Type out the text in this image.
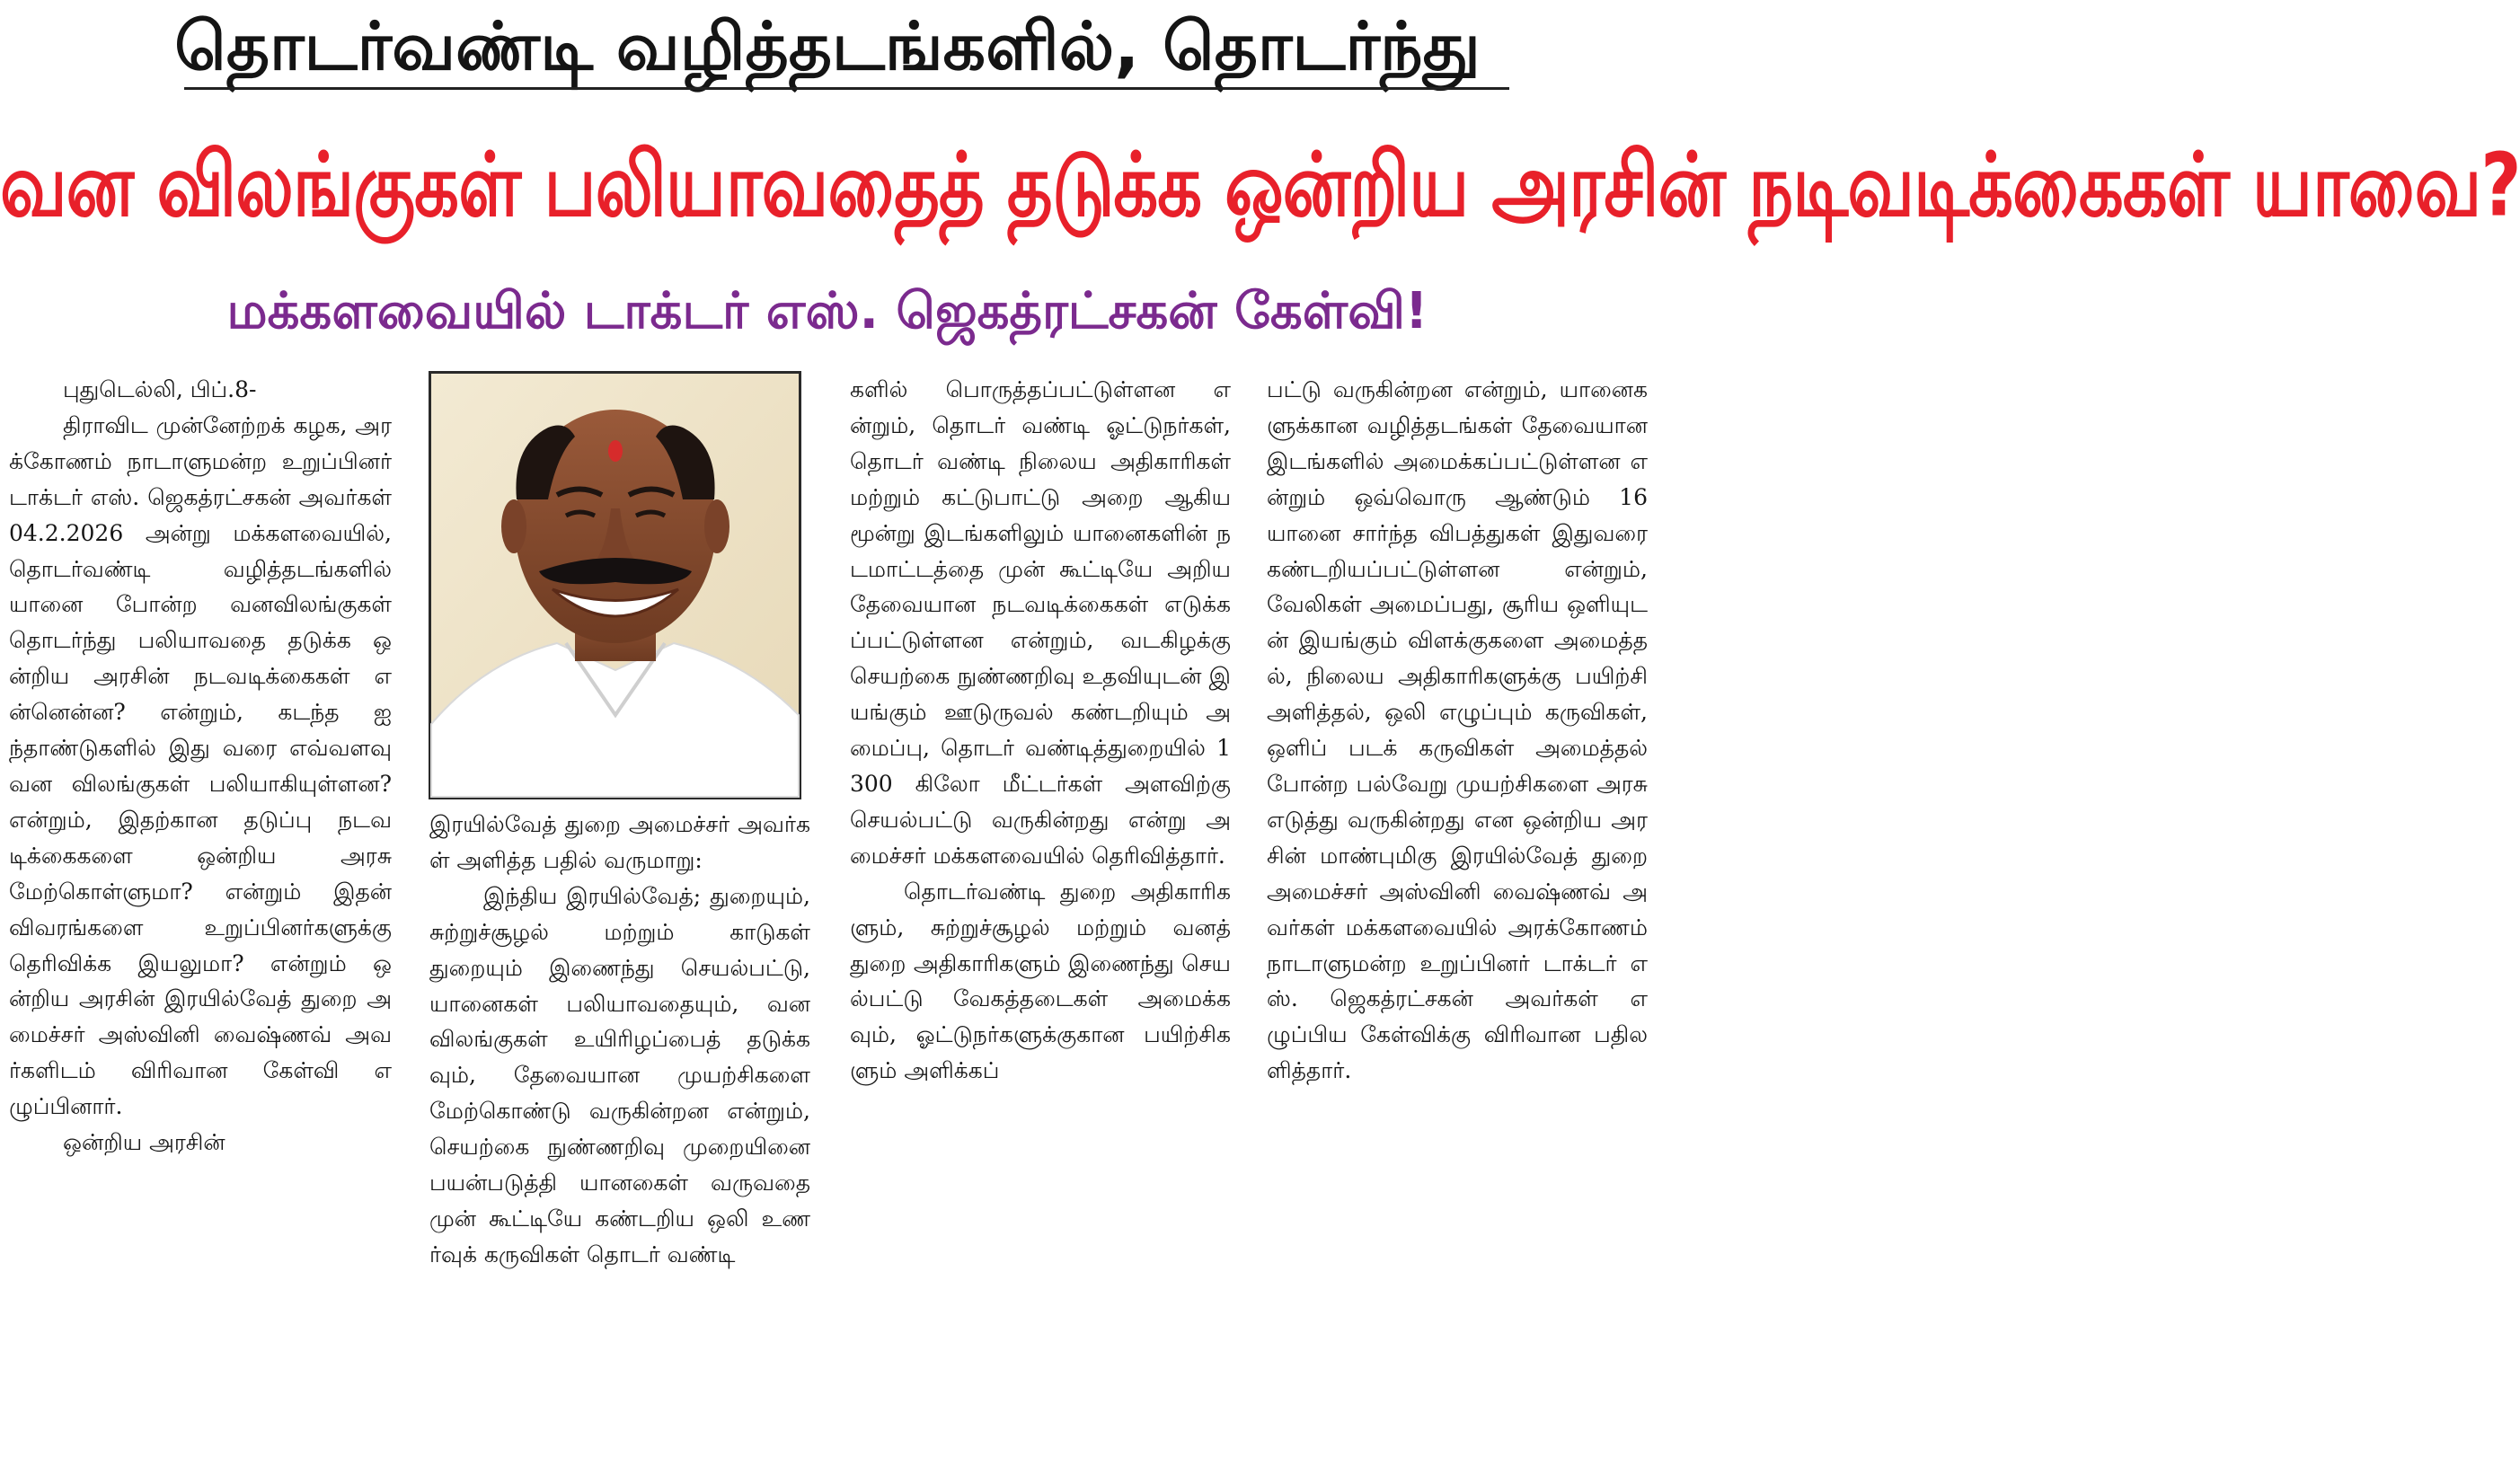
தொடர்வண்டி வழித்தடங்களில், தொடர்ந்து
வன விலங்குகள் பலியாவதைத் தடுக்க ஒன்றிய அரசின் நடிவடிக்கைகள் யாவை?
மக்களவையில் டாக்டர் எஸ். ஜெகத்ரட்சகன் கேள்வி!

புதுடெல்லி, பிப்.8-

திராவிட முன்னேற்றக் கழக, அரக்கோணம் நாடாளுமன்ற உறுப்பினர் டாக்டர் எஸ். ஜெகத்ரட்சகன் அவர்கள் 04.2.2026 அன்று மக்களவையில், தொடர்வண்டி வழித்தடங்களில் யானை போன்ற வனவிலங்குகள் தொடர்ந்து பலியாவதை தடுக்க ஒன்றிய அரசின் நடவடிக்கைகள் என்னென்ன? என்றும், கடந்த ஐந்தாண்டுகளில் இது வரை எவ்வளவு வன விலங்குகள் பலியாகியுள்ளன? என்றும், இதற்கான தடுப்பு நடவடிக்கைகளை ஒன்றிய அரசு மேற்கொள்ளுமா? என்றும் இதன் விவரங்களை உறுப்பினர்களுக்கு தெரிவிக்க இயலுமா? என்றும் ஒன்றிய அரசின் இரயில்வேத் துறை அமைச்சர் அஸ்வினி வைஷ்ணவ் அவர்களிடம் விரிவான கேள்வி எழுப்பினார்.

ஒன்றிய அரசின்

இரயில்வேத் துறை அமைச்சர் அவர்கள் அளித்த பதில் வருமாறு:

இந்திய இரயில்வேத்; துறையும், சுற்றுச்சூழல் மற்றும் காடுகள் துறையும் இணைந்து செயல்பட்டு, யானைகள் பலியாவதையும், வன விலங்குகள் உயிரிழப்பைத் தடுக்கவும், தேவையான முயற்சிகளை மேற்கொண்டு வருகின்றன என்றும், செயற்கை நுண்ணறிவு முறையினை பயன்படுத்தி யானகைள் வருவதை முன் கூட்டியே கண்டறிய ஒலி உணர்வுக் கருவிகள் தொடர் வண்டி

களில் பொருத்தப்பட்டுள்ளன என்றும், தொடர் வண்டி ஓட்டுநர்கள், தொடர் வண்டி நிலைய அதிகாரிகள் மற்றும் கட்டுபாட்டு அறை ஆகிய மூன்று இடங்களிலும் யானைகளின் நடமாட்டத்தை முன் கூட்டியே அறிய தேவையான நடவடிக்கைகள் எடுக்கப்பட்டுள்ளன என்றும், வடகிழக்கு செயற்கை நுண்ணறிவு உதவியுடன் இயங்கும் ஊடுருவல் கண்டறியும் அமைப்பு, தொடர் வண்டித்துறையில் 1300 கிலோ மீட்டர்கள் அளவிற்கு செயல்பட்டு வருகின்றது என்று அமைச்சர் மக்களவையில் தெரிவித்தார்.

தொடர்வண்டி துறை அதிகாரிகளும், சுற்றுச்சூழல் மற்றும் வனத் துறை அதிகாரிகளும் இணைந்து செயல்பட்டு வேகத்தடைகள் அமைக்கவும், ஓட்டுநர்களுக்குகான பயிற்சிகளும் அளிக்கப்

பட்டு வருகின்றன என்றும், யானைகளுக்கான வழித்தடங்கள் தேவையான இடங்களில் அமைக்கப்பட்டுள்ளன என்றும் ஒவ்வொரு ஆண்டும் 16 யானை சார்ந்த விபத்துகள் இதுவரை கண்டறியப்பட்டுள்ளன என்றும், வேலிகள் அமைப்பது, சூரிய ஒளியுடன் இயங்கும் விளக்குகளை அமைத்தல், நிலைய அதிகாரிகளுக்கு பயிற்சி அளித்தல், ஒலி எழுப்பும் கருவிகள், ஒளிப் படக் கருவிகள் அமைத்தல் போன்ற பல்வேறு முயற்சிகளை அரசு எடுத்து வருகின்றது என ஒன்றிய அரசின் மாண்புமிகு இரயில்வேத் துறை அமைச்சர் அஸ்வினி வைஷ்ணவ் அவர்கள் மக்களவையில் அரக்கோணம் நாடாளுமன்ற உறுப்பினர் டாக்டர் எஸ். ஜெகத்ரட்சகன் அவர்கள் எழுப்பிய கேள்விக்கு விரிவான பதிலளித்தார்.
